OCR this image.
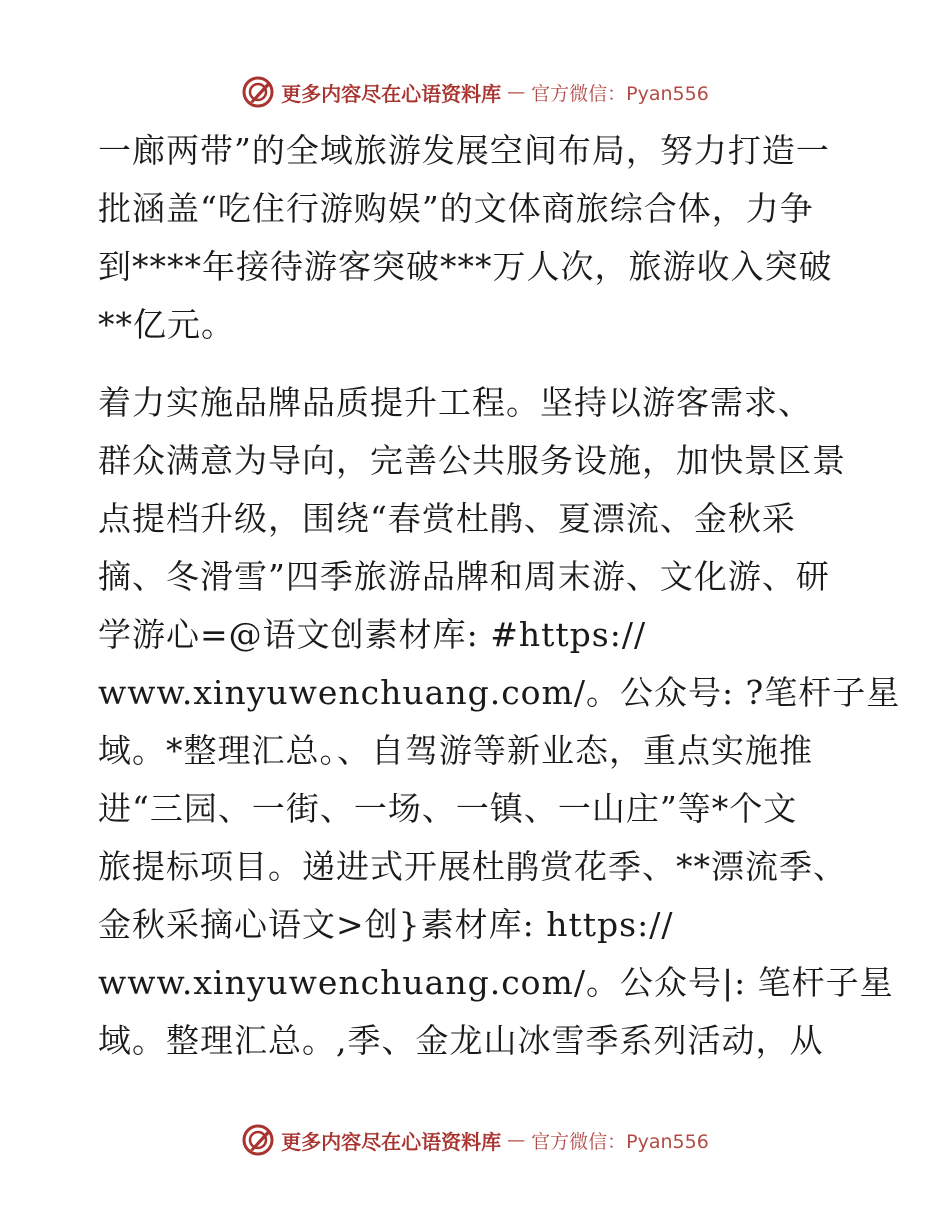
更多内容尽在心语资料库 — 官方微信：Pyan556
一廊两带”的全域旅游发展空间布局，努力打造一
批涵盖“吃住行游购娱”的文体商旅综合体，力争
到****年接待游客突破***万人次，旅游收入突破
**亿元。
着力实施品牌品质提升工程。坚持以游客需求、
群众满意为导向，完善公共服务设施，加快景区景
点提档升级，围绕“春赏杜鹃、夏漂流、金秋采
摘、冬滑雪”四季旅游品牌和周末游、文化游、研
学游心=@语文创素材库: #https://
www.xinyuwenchuang.com/。公众号: ?笔杆子星
域。*整理汇总。、自驾游等新业态，重点实施推
进“三园、一街、一场、一镇、一山庄”等*个文
旅提标项目。递进式开展杜鹃赏花季、**漂流季、
金秋采摘心语文>创}素材库: https://
www.xinyuwenchuang.com/。公众号|: 笔杆子星
域。整理汇总。,季、金龙山冰雪季系列活动，从
更多内容尽在心语资料库 — 官方微信：Pyan556
